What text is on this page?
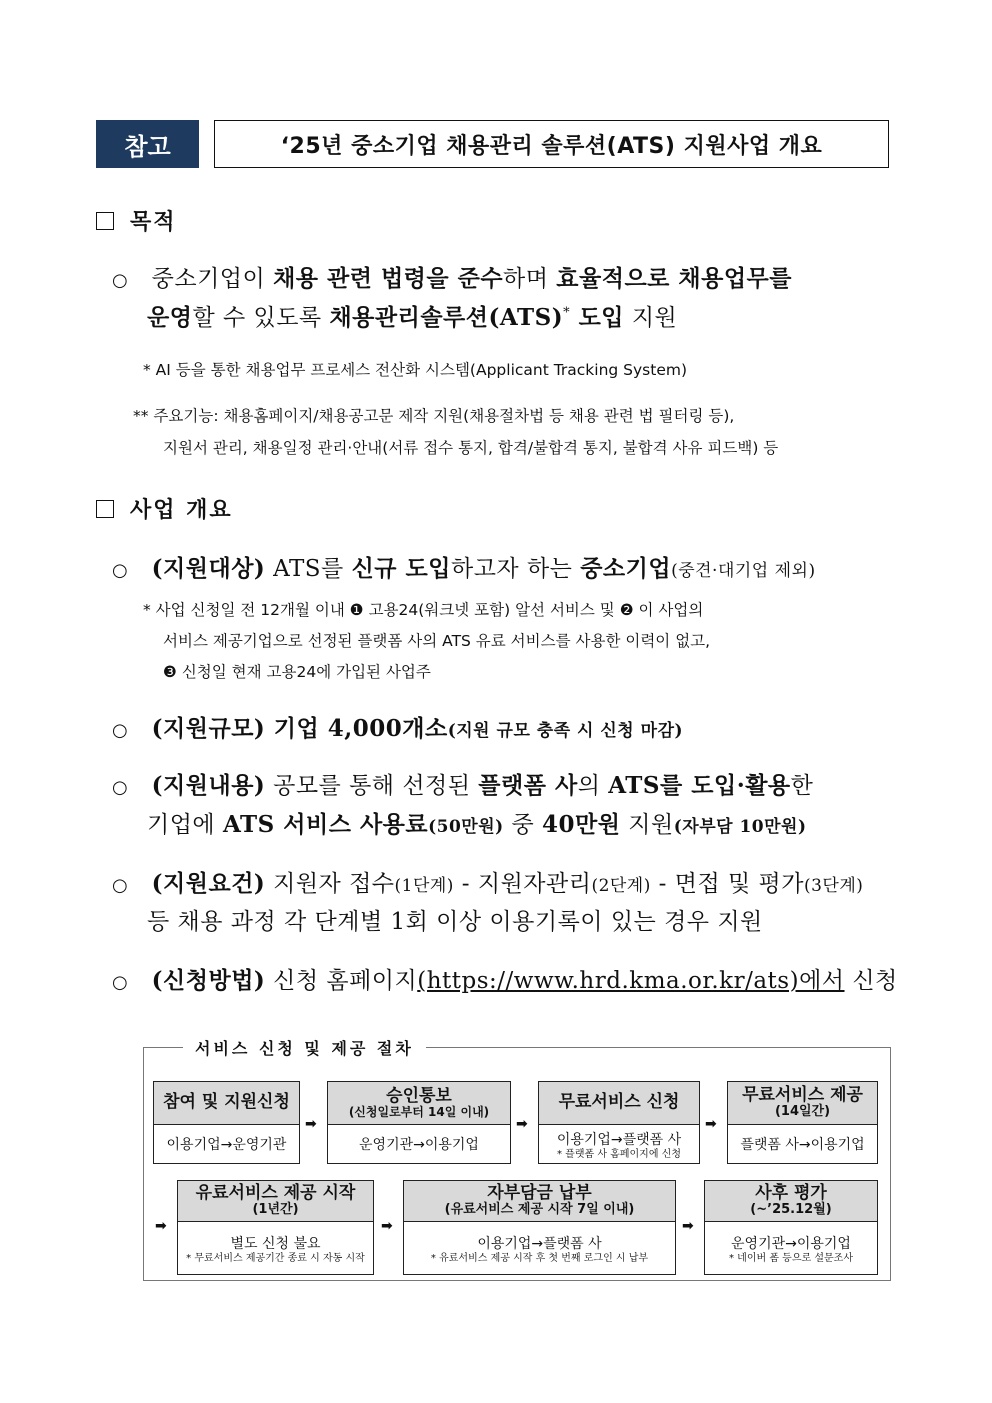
참고	‘25년 중소기업 채용관리 솔루션(ATS) 지원사업 개요
목적
○ 중소기업이 채용 관련 법령을 준수하며 효율적으로 채용업무를
운영할 수 있도록 채용관리솔루션(ATS)* 도입 지원
* AI 등을 통한 채용업무 프로세스 전산화 시스템(Applicant Tracking System)
** 주요기능: 채용홈페이지/채용공고문 제작 지원(채용절차법 등 채용 관련 법 필터링 등),
지원서 관리, 채용일정 관리·안내(서류 접수 통지, 합격/불합격 통지, 불합격 사유 피드백) 등
사업 개요
○ (지원대상) ATS를 신규 도입하고자 하는 중소기업(중견·대기업 제외)
* 사업 신청일 전 12개월 이내 ❶ 고용24(워크넷 포함) 알선 서비스 및 ❷ 이 사업의
서비스 제공기업으로 선정된 플랫폼 사의 ATS 유료 서비스를 사용한 이력이 없고,
❸ 신청일 현재 고용24에 가입된 사업주
○ (지원규모) 기업 4,000개소(지원 규모 충족 시 신청 마감)
○ (지원내용) 공모를 통해 선정된 플랫폼 사의 ATS를 도입·활용한
기업에 ATS 서비스 사용료(50만원) 중 40만원 지원(자부담 10만원)
○ (지원요건) 지원자 접수(1단계) - 지원자관리(2단계) - 면접 및 평가(3단계)
등 채용 과정 각 단계별 1회 이상 이용기록이 있는 경우 지원
○ (신청방법) 신청 홈페이지(https://www.hrd.kma.or.kr/ats)에서 신청
서비스 신청 및 제공 절차
참여 및 지원신청
이용기업→운영기관
➡
승인통보
(신청일로부터 14일 이내)
운영기관→이용기업
➡
무료서비스 신청
이용기업→플랫폼 사
* 플랫폼 사 홈페이지에 신청
➡
무료서비스 제공
(14일간)
플랫폼 사→이용기업
➡
유료서비스 제공 시작
(1년간)
별도 신청 불요
* 무료서비스 제공기간 종료 시 자동 시작
➡
자부담금 납부
(유료서비스 제공 시작 7일 이내)
이용기업→플랫폼 사
* 유료서비스 제공 시작 후 첫 번째 로그인 시 납부
➡
사후 평가
(~’25.12월)
운영기관→이용기업
* 네이버 폼 등으로 설문조사
